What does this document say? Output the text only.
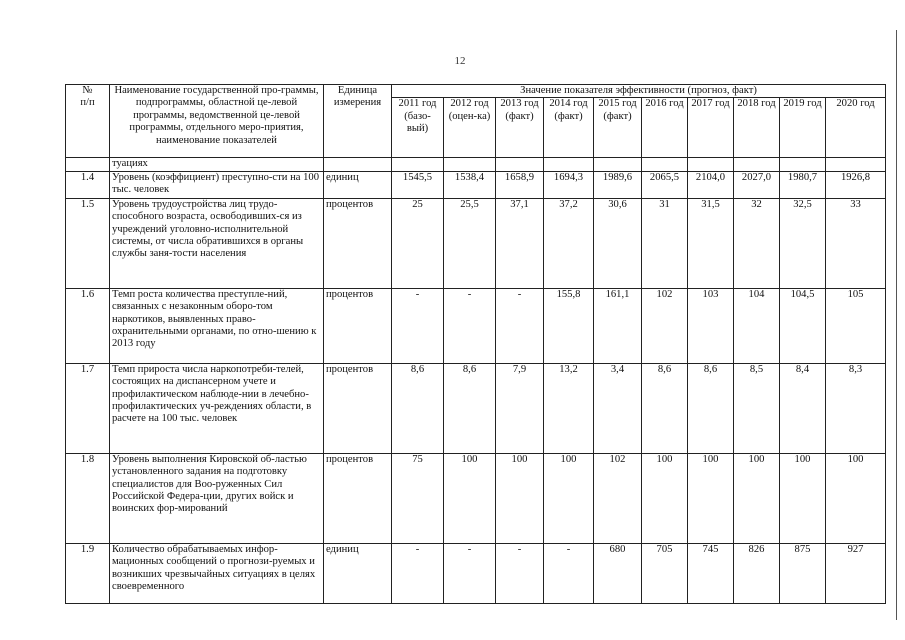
12
№
п/п	Наименование государственной про-граммы, подпрограммы, областной це-левой программы, ведомственной це-левой программы, отдельного меро-приятия, наименование показателей	Единица измерения	Значение показателя эффективности (прогноз, факт)									
			2011 год (базо-вый)	2012 год (оцен-ка)	2013 год (факт)	2014 год (факт)	2015 год (факт)	2016 год	2017 год	2018 год	2019 год	2020 год
	туациях											
1.4	Уровень (коэффициент) преступно-сти на 100 тыс. человек	единиц	1545,5	1538,4	1658,9	1694,3	1989,6	2065,5	2104,0	2027,0	1980,7	1926,8
1.5	Уровень трудоустройства лиц трудо-способного возраста, освободивших-ся из учреждений уголовно-исполнительной системы, от числа обратившихся в органы службы заня-тости населения	процентов	25	25,5	37,1	37,2	30,6	31	31,5	32	32,5	33
1.6	Темп роста количества преступле-ний, связанных с незаконным оборо-том наркотиков, выявленных право-охранительными органами, по отно-шению к 2013 году	процентов	-	-	-	155,8	161,1	102	103	104	104,5	105
1.7	Темп прироста числа наркопотреби-телей, состоящих на диспансерном учете и профилактическом наблюде-нии в лечебно-профилактических уч-реждениях области, в расчете на 100 тыс. человек	процентов	8,6	8,6	7,9	13,2	3,4	8,6	8,6	8,5	8,4	8,3
1.8	Уровень выполнения Кировской об-ластью установленного задания на подготовку специалистов для Воо-руженных Сил Российской Федера-ции, других войск и воинских фор-мирований	процентов	75	100	100	100	102	100	100	100	100	100
1.9	Количество обрабатываемых инфор-мационных сообщений о прогнози-руемых и возникших чрезвычайных ситуациях в целях своевременного	единиц	-	-	-	-	680	705	745	826	875	927
